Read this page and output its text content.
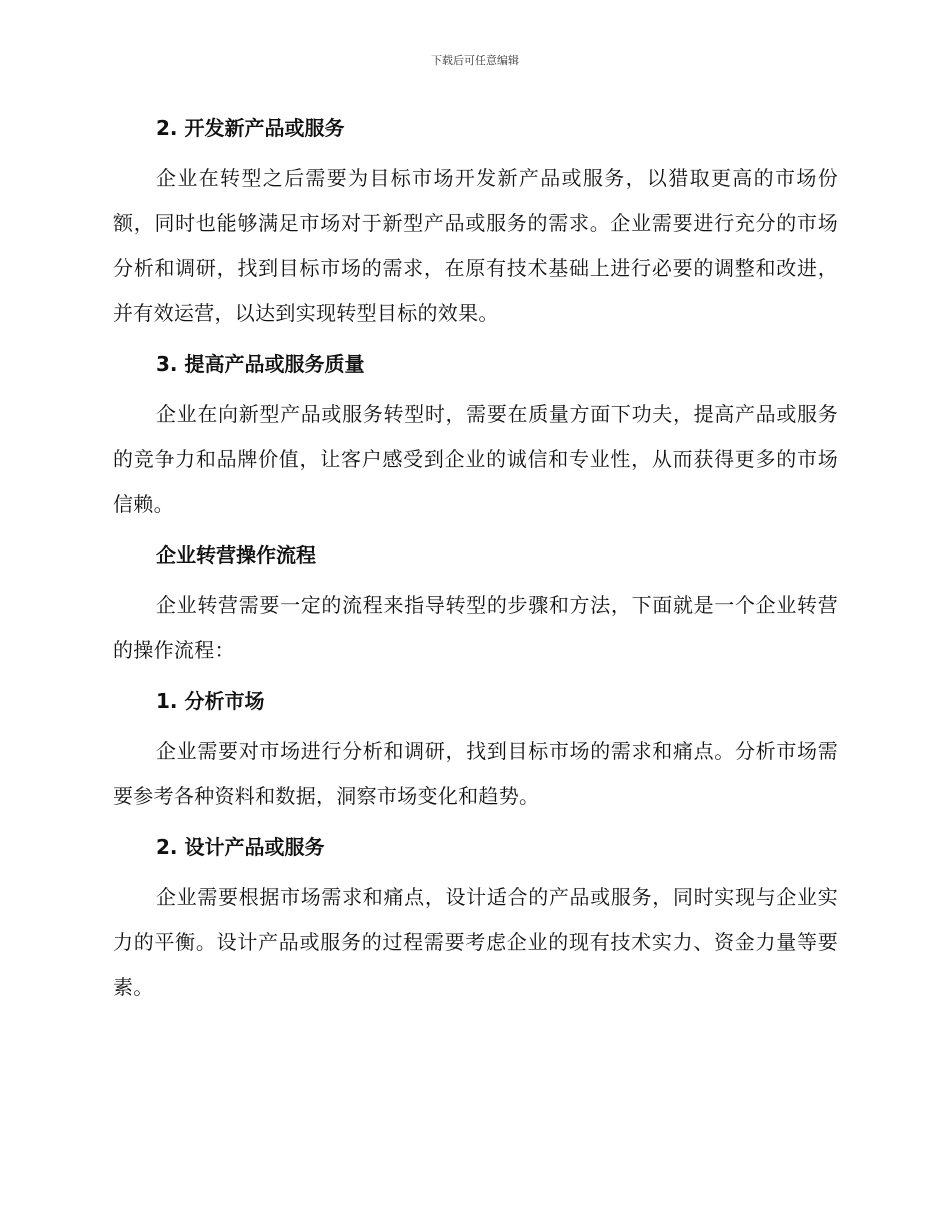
下载后可任意编辑
2. 开发新产品或服务

企业在转型之后需要为目标市场开发新产品或服务，以猎取更高的市场份额，同时也能够满足市场对于新型产品或服务的需求。企业需要进行充分的市场分析和调研，找到目标市场的需求，在原有技术基础上进行必要的调整和改进，并有效运营，以达到实现转型目标的效果。

3. 提高产品或服务质量

企业在向新型产品或服务转型时，需要在质量方面下功夫，提高产品或服务的竞争力和品牌价值，让客户感受到企业的诚信和专业性，从而获得更多的市场信赖。

企业转营操作流程

企业转营需要一定的流程来指导转型的步骤和方法，下面就是一个企业转营的操作流程：

1. 分析市场

企业需要对市场进行分析和调研，找到目标市场的需求和痛点。分析市场需要参考各种资料和数据，洞察市场变化和趋势。

2. 设计产品或服务

企业需要根据市场需求和痛点，设计适合的产品或服务，同时实现与企业实力的平衡。设计产品或服务的过程需要考虑企业的现有技术实力、资金力量等要素。
